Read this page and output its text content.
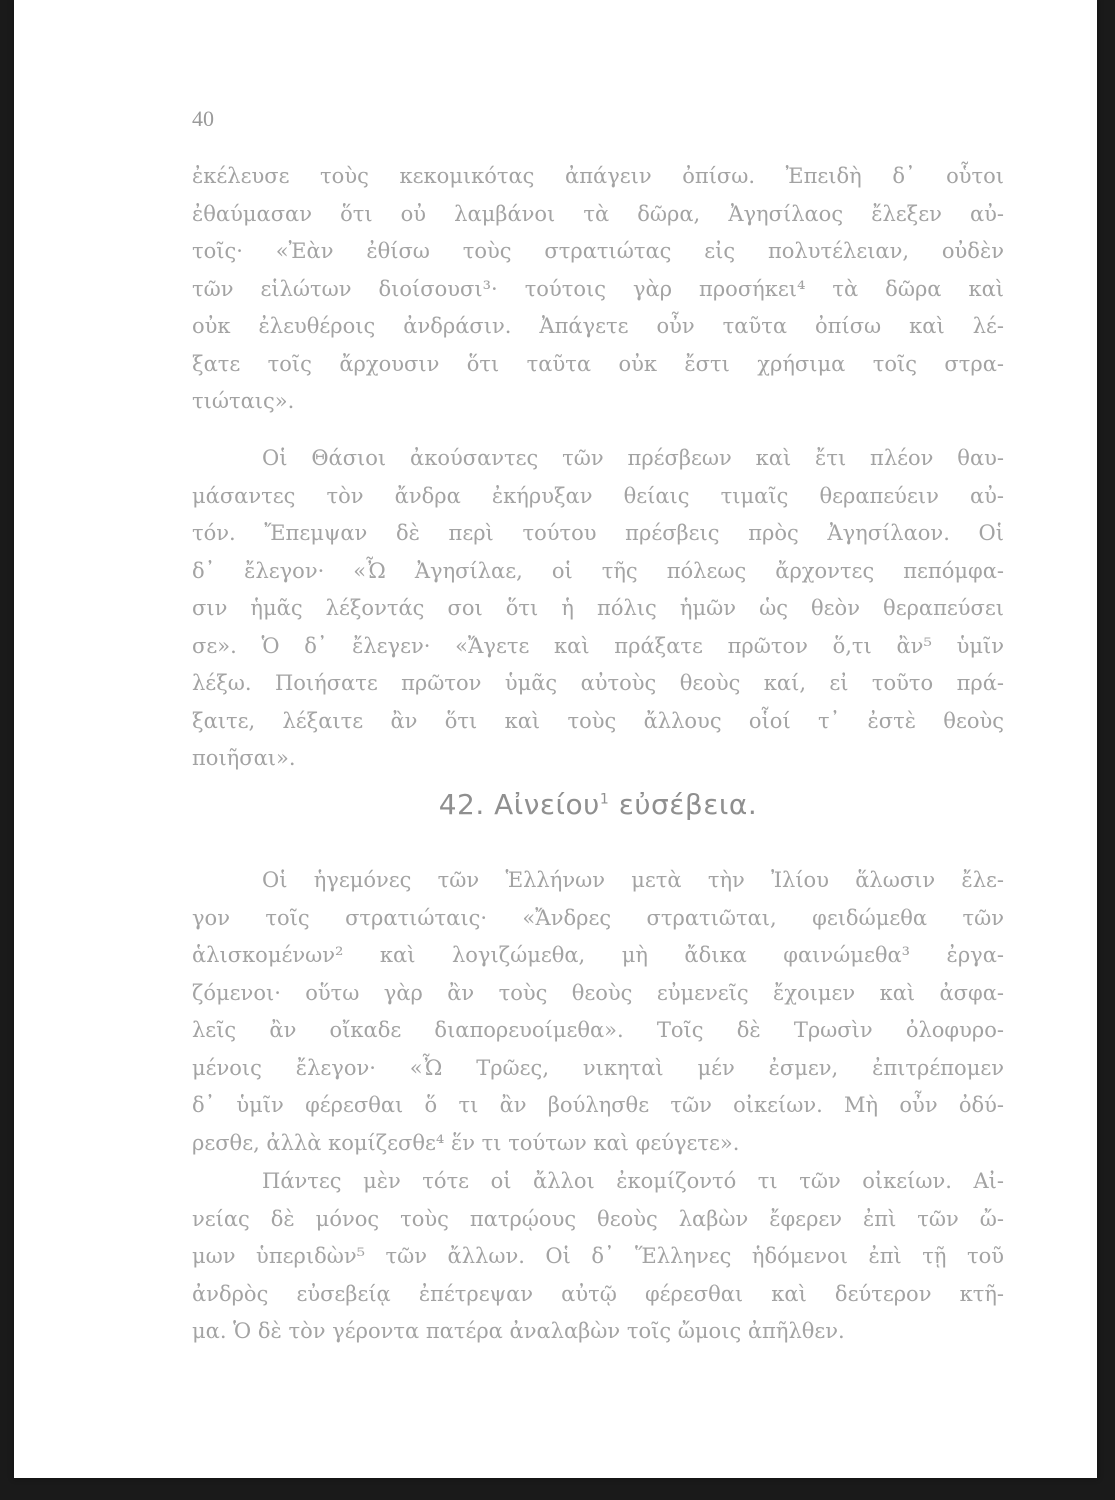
40
ἐκέλευσε τοὺς κεκομικότας ἀπάγειν ὀπίσω. Ἐπειδὴ δ᾿ οὗτοι
ἐθαύμασαν ὅτι οὐ λαμβάνοι τὰ δῶρα, Ἀγησίλαος ἔλεξεν αὐ-
τοῖς· «Ἐὰν ἐθίσω τοὺς στρατιώτας εἰς πολυτέλειαν, οὐδὲν
τῶν εἱλώτων διοίσουσι³· τούτοις γὰρ προσήκει⁴ τὰ δῶρα καὶ
οὐκ ἐλευθέροις ἀνδράσιν. Ἀπάγετε οὖν ταῦτα ὀπίσω καὶ λέ-
ξατε τοῖς ἄρχουσιν ὅτι ταῦτα οὐκ ἔστι χρήσιμα τοῖς στρα-
τιώταις».
Οἱ Θάσιοι ἀκούσαντες τῶν πρέσβεων καὶ ἔτι πλέον θαυ-
μάσαντες τὸν ἄνδρα ἐκήρυξαν θείαις τιμαῖς θεραπεύειν αὐ-
τόν. Ἔπεμψαν δὲ περὶ τούτου πρέσβεις πρὸς Ἀγησίλαον. Οἱ
δ᾿ ἔλεγον· «Ὦ Ἀγησίλαε, οἱ τῆς πόλεως ἄρχοντες πεπόμφα-
σιν ἡμᾶς λέξοντάς σοι ὅτι ἡ πόλις ἡμῶν ὡς θεὸν θεραπεύσει
σε». Ὁ δ᾿ ἔλεγεν· «Ἄγετε καὶ πράξατε πρῶτον ὅ,τι ἂν⁵ ὑμῖν
λέξω. Ποιήσατε πρῶτον ὑμᾶς αὐτοὺς θεοὺς καί, εἰ τοῦτο πρά-
ξαιτε, λέξαιτε ἂν ὅτι καὶ τοὺς ἄλλους οἷοί τ᾿ ἐστὲ θεοὺς
ποιῆσαι».
42. Αἰνείου$^1$ εὐσέβεια.
Οἱ ἡγεμόνες τῶν Ἑλλήνων μετὰ τὴν Ἰλίου ἅλωσιν ἔλε-
γον τοῖς στρατιώταις· «Ἄνδρες στρατιῶται, φειδώμεθα τῶν
ἁλισκομένων² καὶ λογιζώμεθα, μὴ ἄδικα φαινώμεθα³ ἐργα-
ζόμενοι· οὕτω γὰρ ἂν τοὺς θεοὺς εὐμενεῖς ἔχοιμεν καὶ ἀσφα-
λεῖς ἂν οἴκαδε διαπορευοίμεθα». Τοῖς δὲ Τρωσὶν ὀλοφυρο-
μένοις ἔλεγον· «Ὦ Τρῶες, νικηταὶ μέν ἐσμεν, ἐπιτρέπομεν
δ᾿ ὑμῖν φέρεσθαι ὅ τι ἂν βούλησθε τῶν οἰκείων. Μὴ οὖν ὀδύ-
ρεσθε, ἀλλὰ κομίζεσθε⁴ ἕν τι τούτων καὶ φεύγετε».
Πάντες μὲν τότε οἱ ἄλλοι ἐκομίζοντό τι τῶν οἰκείων. Αἰ-
νείας δὲ μόνος τοὺς πατρῴους θεοὺς λαβὼν ἔφερεν ἐπὶ τῶν ὤ-
μων ὑπεριδὼν⁵ τῶν ἄλλων. Οἱ δ᾿ Ἕλληνες ἡδόμενοι ἐπὶ τῇ τοῦ
ἀνδρὸς εὐσεβείᾳ ἐπέτρεψαν αὐτῷ φέρεσθαι καὶ δεύτερον κτῆ-
μα. Ὁ δὲ τὸν γέροντα πατέρα ἀναλαβὼν τοῖς ὤμοις ἀπῆλθεν.
